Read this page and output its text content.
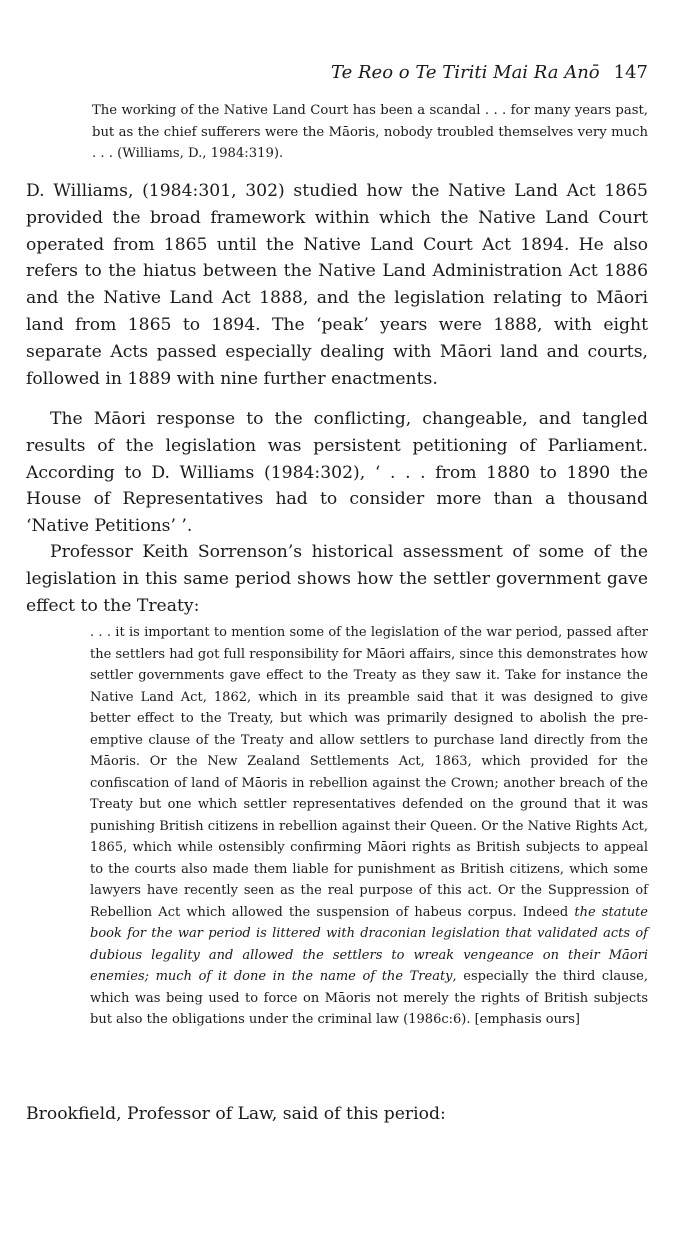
Te Reo o Te Tiriti Mai Ra Anō 147

The working of the Native Land Court has been a scandal . . . for many years past, but as the chief sufferers were the Māoris, nobody troubled themselves very much . . . (Williams, D., 1984:319).

D. Williams, (1984:301, 302) studied how the Native Land Act 1865 provided the broad framework within which the Native Land Court operated from 1865 until the Native Land Court Act 1894. He also refers to the hiatus between the Native Land Administration Act 1886 and the Native Land Act 1888, and the legislation relating to Māori land from 1865 to 1894. The ‘peak’ years were 1888, with eight separate Acts passed especially dealing with Māori land and courts, followed in 1889 with nine further enactments.

The Māori response to the conflicting, changeable, and tangled results of the legislation was persistent petitioning of Parliament. According to D. Williams (1984:302), ‘ . . . from 1880 to 1890 the House of Representatives had to consider more than a thousand ‘Native Petitions’ ’.

Professor Keith Sorrenson’s historical assessment of some of the legislation in this same period shows how the settler government gave effect to the Treaty:

. . . it is important to mention some of the legislation of the war period, passed after the settlers had got full responsibility for Māori affairs, since this demonstrates how settler governments gave effect to the Treaty as they saw it. Take for instance the Native Land Act, 1862, which in its preamble said that it was designed to give better effect to the Treaty, but which was primarily designed to abolish the pre-emptive clause of the Treaty and allow settlers to purchase land directly from the Māoris. Or the New Zealand Settlements Act, 1863, which provided for the confiscation of land of Māoris in rebellion against the Crown; another breach of the Treaty but one which settler representatives defended on the ground that it was punishing British citizens in rebellion against their Queen. Or the Native Rights Act, 1865, which while ostensibly confirming Māori rights as British subjects to appeal to the courts also made them liable for punishment as British citizens, which some lawyers have recently seen as the real purpose of this act. Or the Suppression of Rebellion Act which allowed the suspension of habeus corpus. Indeed the statute book for the war period is littered with draconian legislation that validated acts of dubious legality and allowed the settlers to wreak vengeance on their Māori enemies; much of it done in the name of the Treaty, especially the third clause, which was being used to force on Māoris not merely the rights of British subjects but also the obligations under the criminal law (1986c:6). [emphasis ours]

Brookfield, Professor of Law, said of this period:
